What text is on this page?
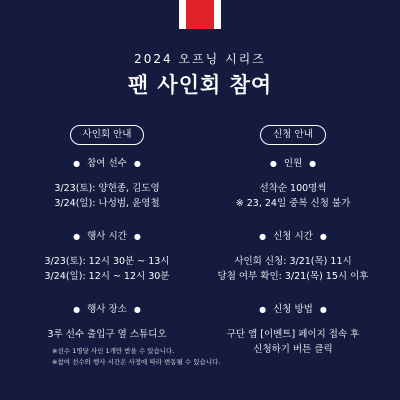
2024 오프닝 시리즈
팬 사인회 참여
사인회 안내
● 참여 선수 ●
3/23(토): 양현종, 김도영
3/24(일): 나성범, 윤영철
● 행사 시간 ●
3/23(토): 12시 30분 ~ 13시
3/24(일): 12시 ~ 12시 30분
● 행사 장소 ●
3루 선수 출입구 옆 스튜디오
신청 안내
● 인원 ●
선착순 100명씩
※ 23, 24일 중복 신청 불가
● 신청 시간 ●
사인회 신청: 3/21(목) 11시
당첨 여부 확인: 3/21(목) 15시 이후
● 신청 방법 ●
구단 앱 [이벤트] 페이지 접속 후
신청하기 버튼 클릭
※선수 1명당 사인 1개만 받을 수 있습니다.
※참여 선수와 행사 시간은 사정에 따라 변동될 수 있습니다.
